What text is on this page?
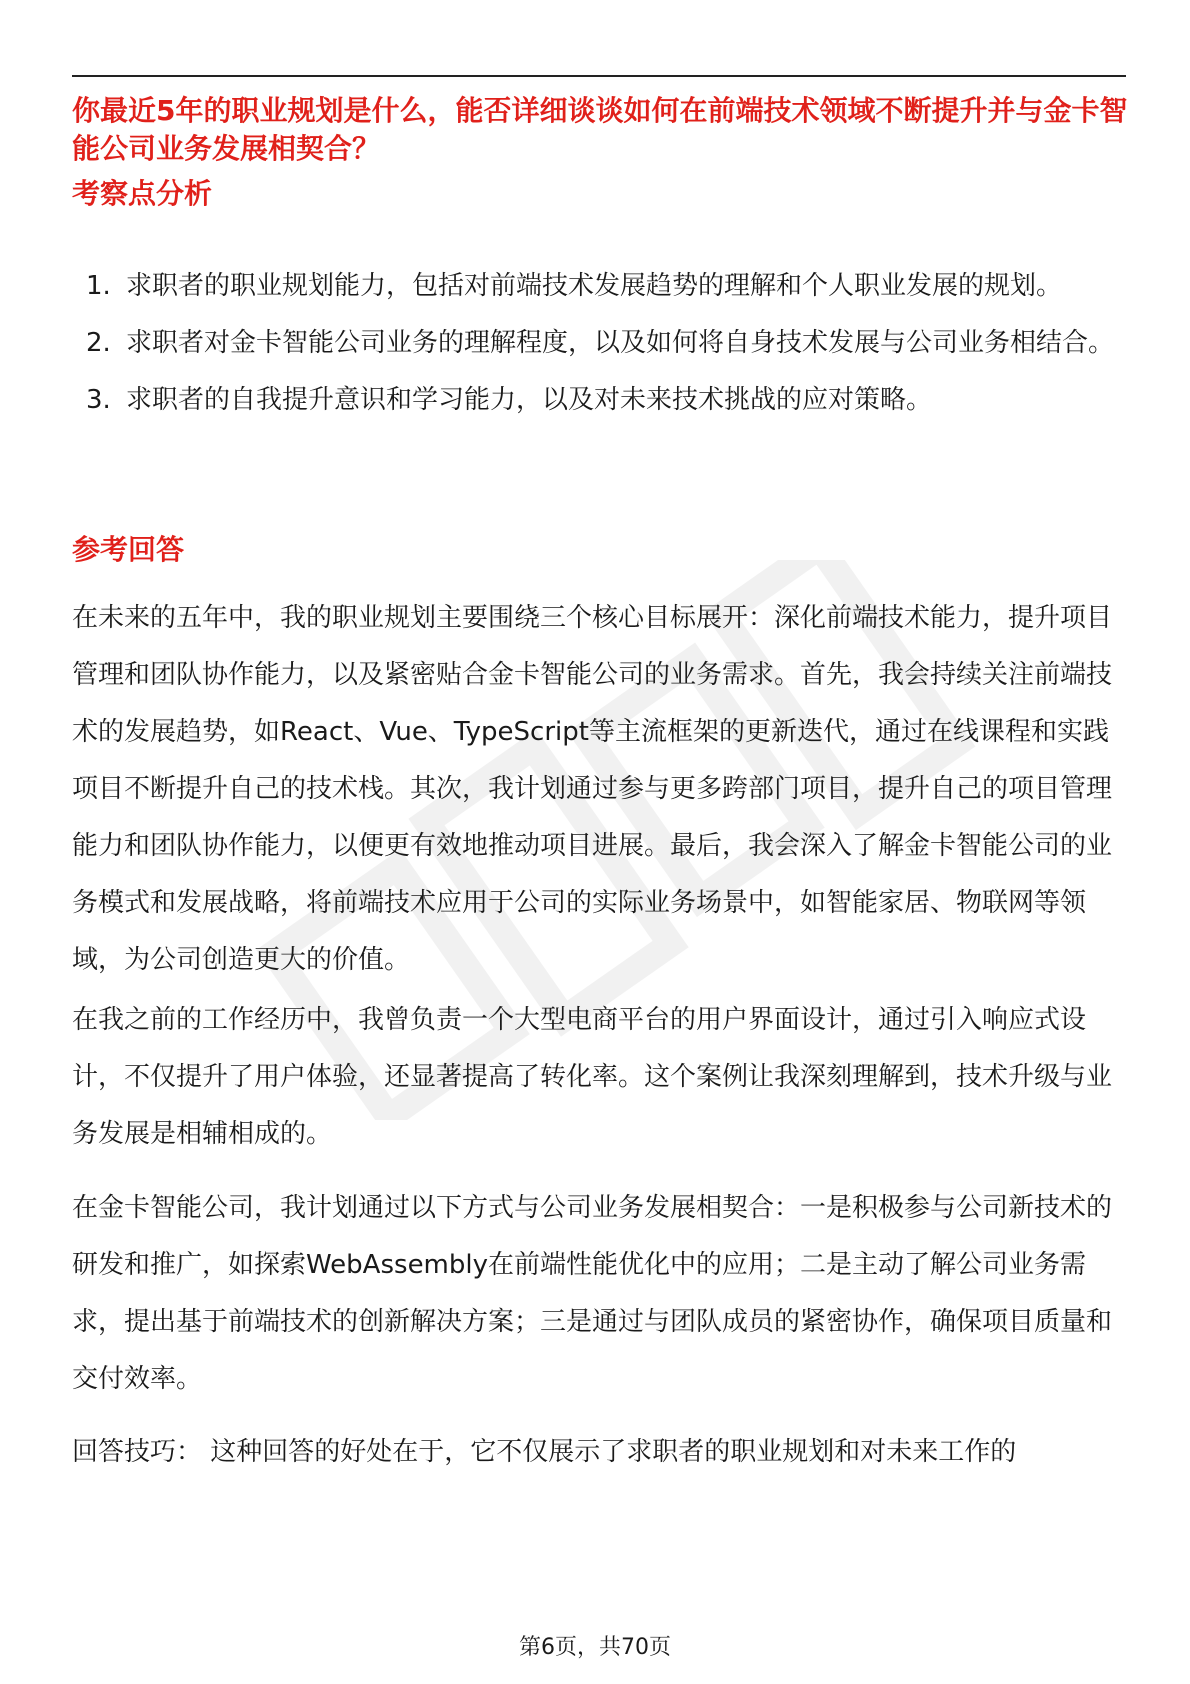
你最近5年的职业规划是什么，能否详细谈谈如何在前端技术领域不断提升并与金卡智能公司业务发展相契合？
考察点分析
1. 求职者的职业规划能力，包括对前端技术发展趋势的理解和个人职业发展的规划。
2. 求职者对金卡智能公司业务的理解程度，以及如何将自身技术发展与公司业务相结合。
3. 求职者的自我提升意识和学习能力，以及对未来技术挑战的应对策略。
参考回答

在未来的五年中，我的职业规划主要围绕三个核心目标展开：深化前端技术能力，提升项目管理和团队协作能力，以及紧密贴合金卡智能公司的业务需求。首先，我会持续关注前端技术的发展趋势，如React、Vue、TypeScript等主流框架的更新迭代，通过在线课程和实践项目不断提升自己的技术栈。其次，我计划通过参与更多跨部门项目，提升自己的项目管理能力和团队协作能力，以便更有效地推动项目进展。最后，我会深入了解金卡智能公司的业务模式和发展战略，将前端技术应用于公司的实际业务场景中，如智能家居、物联网等领域，为公司创造更大的价值。

在我之前的工作经历中，我曾负责一个大型电商平台的用户界面设计，通过引入响应式设计，不仅提升了用户体验，还显著提高了转化率。这个案例让我深刻理解到，技术升级与业务发展是相辅相成的。

在金卡智能公司，我计划通过以下方式与公司业务发展相契合：一是积极参与公司新技术的研发和推广，如探索WebAssembly在前端性能优化中的应用；二是主动了解公司业务需求，提出基于前端技术的创新解决方案；三是通过与团队成员的紧密协作，确保项目质量和交付效率。

回答技巧： 这种回答的好处在于，它不仅展示了求职者的职业规划和对未来工作的

第6页，共70页
